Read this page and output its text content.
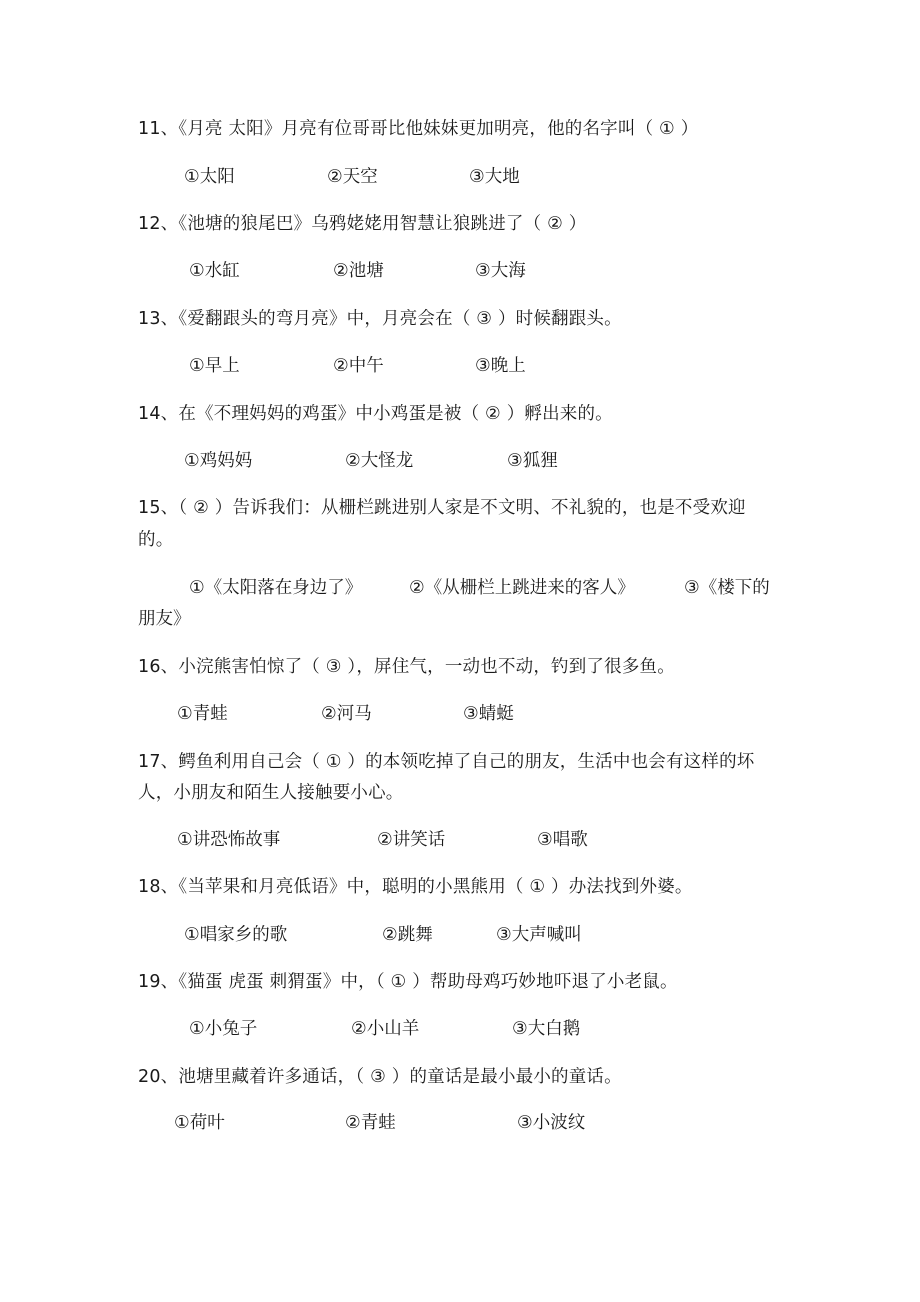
11、《月亮 太阳》月亮有位哥哥比他妹妹更加明亮，他的名字叫（ ① ）
①太阳	②天空	③大地
12、《池塘的狼尾巴》乌鸦姥姥用智慧让狼跳进了（ ② ）
①水缸	②池塘	③大海
13、《爱翻跟头的弯月亮》中，月亮会在（ ③ ）时候翻跟头。
①早上	②中午	③晚上
14、在《不理妈妈的鸡蛋》中小鸡蛋是被（ ② ）孵出来的。
①鸡妈妈	②大怪龙	③狐狸
15、（ ② ）告诉我们：从栅栏跳进别人家是不文明、不礼貌的，也是不受欢迎
的。
①《太阳落在身边了》	②《从栅栏上跳进来的客人》	③《楼下的
朋友》
16、小浣熊害怕惊了（ ③ ），屏住气，一动也不动，钓到了很多鱼。
①青蛙	②河马	③蜻蜓
17、鳄鱼利用自己会（ ① ）的本领吃掉了自己的朋友，生活中也会有这样的坏
人，小朋友和陌生人接触要小心。
①讲恐怖故事	②讲笑话	③唱歌
18、《当苹果和月亮低语》中，聪明的小黑熊用（ ① ）办法找到外婆。
①唱家乡的歌	②跳舞	③大声喊叫
19、《猫蛋 虎蛋 刺猬蛋》中，（ ① ）帮助母鸡巧妙地吓退了小老鼠。
①小兔子	②小山羊	③大白鹅
20、池塘里藏着许多通话，（ ③ ）的童话是最小最小的童话。
①荷叶	②青蛙	③小波纹
